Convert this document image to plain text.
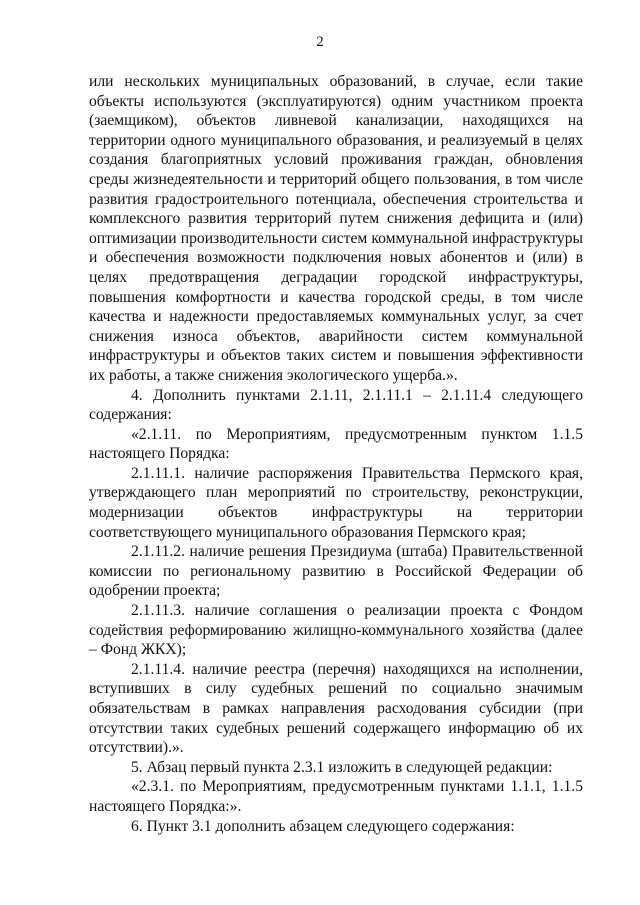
2

или нескольких муниципальных образований, в случае, если такие объекты используются (эксплуатируются) одним участником проекта (заемщиком), объектов ливневой канализации, находящихся на территории одного муниципального образования, и реализуемый в целях создания благоприятных условий проживания граждан, обновления среды жизнедеятельности и территорий общего пользования, в том числе развития градостроительного потенциала, обеспечения строительства и комплексного развития территорий путем снижения дефицита и (или) оптимизации производительности систем коммунальной инфраструктуры и обеспечения возможности подключения новых абонентов и (или) в целях предотвращения деградации городской инфраструктуры, повышения комфортности и качества городской среды, в том числе качества и надежности предоставляемых коммунальных услуг, за счет снижения износа объектов, аварийности систем коммунальной инфраструктуры и объектов таких систем и повышения эффективности их работы, а также снижения экологического ущерба.».

4. Дополнить пунктами 2.1.11, 2.1.11.1 – 2.1.11.4 следующего содержания:

«2.1.11. по Мероприятиям, предусмотренным пунктом 1.1.5 настоящего Порядка:

2.1.11.1. наличие распоряжения Правительства Пермского края, утверждающего план мероприятий по строительству, реконструкции, модернизации объектов инфраструктуры на территории соответствующего муниципального образования Пермского края;

2.1.11.2. наличие решения Президиума (штаба) Правительственной комиссии по региональному развитию в Российской Федерации об одобрении проекта;

2.1.11.3. наличие соглашения о реализации проекта с Фондом содействия реформированию жилищно-коммунального хозяйства (далее – Фонд ЖКХ);

2.1.11.4. наличие реестра (перечня) находящихся на исполнении, вступивших в силу судебных решений по социально значимым обязательствам в рамках направления расходования субсидии (при отсутствии таких судебных решений содержащего информацию об их отсутствии).».

5. Абзац первый пункта 2.3.1 изложить в следующей редакции:

«2.3.1. по Мероприятиям, предусмотренным пунктами 1.1.1, 1.1.5 настоящего Порядка:».

6. Пункт 3.1 дополнить абзацем следующего содержания:
